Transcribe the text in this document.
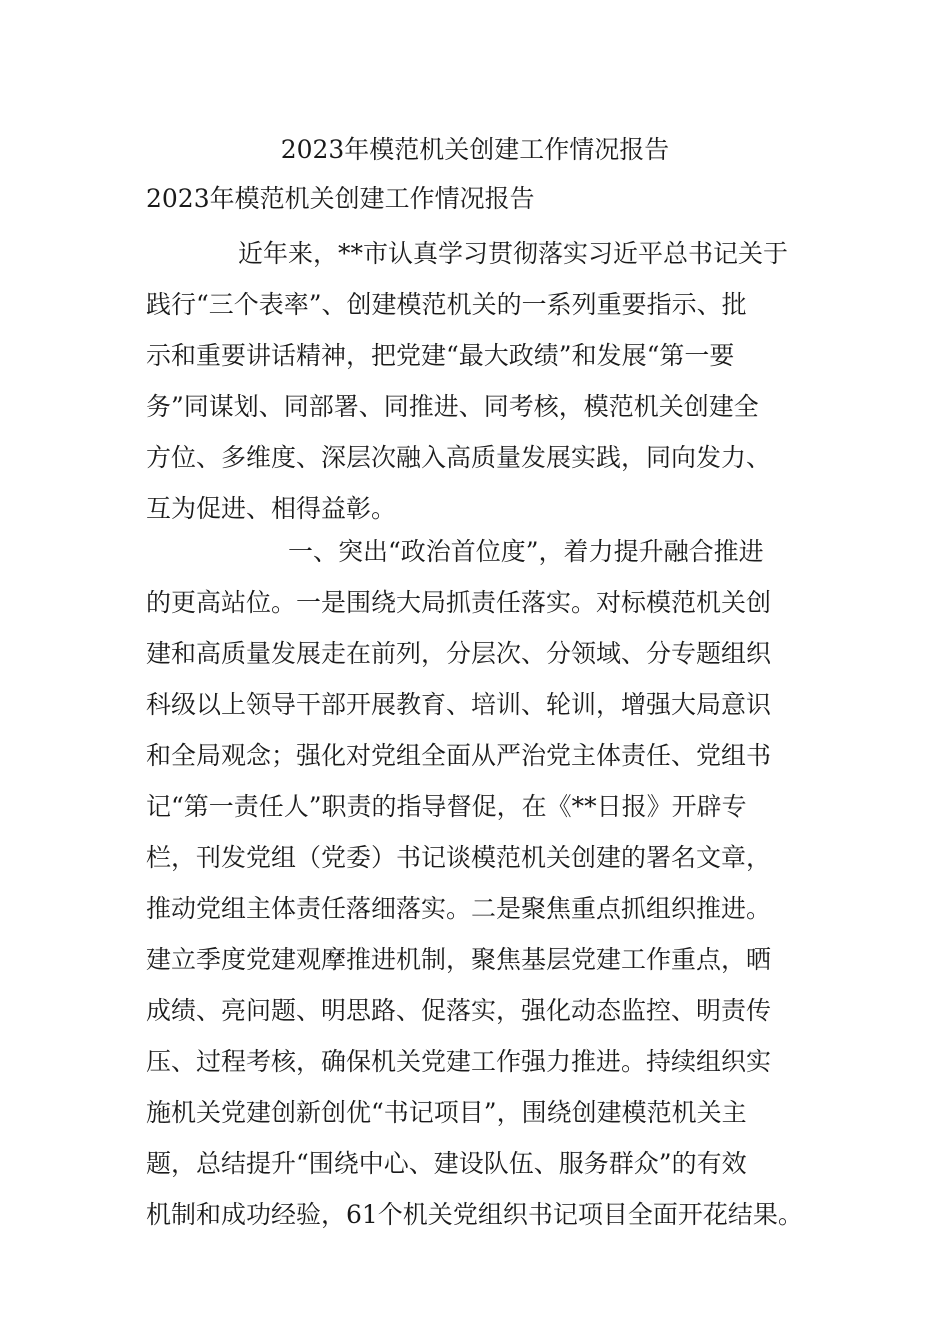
2023年模范机关创建工作情况报告
2023年模范机关创建工作情况报告
近年来，**市认真学习贯彻落实习近平总书记关于
践行“三个表率”、创建模范机关的一系列重要指示、批
示和重要讲话精神，把党建“最大政绩”和发展“第一要
务”同谋划、同部署、同推进、同考核，模范机关创建全
方位、多维度、深层次融入高质量发展实践，同向发力、
互为促进、相得益彰。
一、突出“政治首位度”，着力提升融合推进
的更高站位。一是围绕大局抓责任落实。对标模范机关创
建和高质量发展走在前列，分层次、分领域、分专题组织
科级以上领导干部开展教育、培训、轮训，增强大局意识
和全局观念；强化对党组全面从严治党主体责任、党组书
记“第一责任人”职责的指导督促，在《**日报》开辟专
栏，刊发党组（党委）书记谈模范机关创建的署名文章，
推动党组主体责任落细落实。二是聚焦重点抓组织推进。
建立季度党建观摩推进机制，聚焦基层党建工作重点，晒
成绩、亮问题、明思路、促落实，强化动态监控、明责传
压、过程考核，确保机关党建工作强力推进。持续组织实
施机关党建创新创优“书记项目”，围绕创建模范机关主
题，总结提升“围绕中心、建设队伍、服务群众”的有效
机制和成功经验，61个机关党组织书记项目全面开花结果。
